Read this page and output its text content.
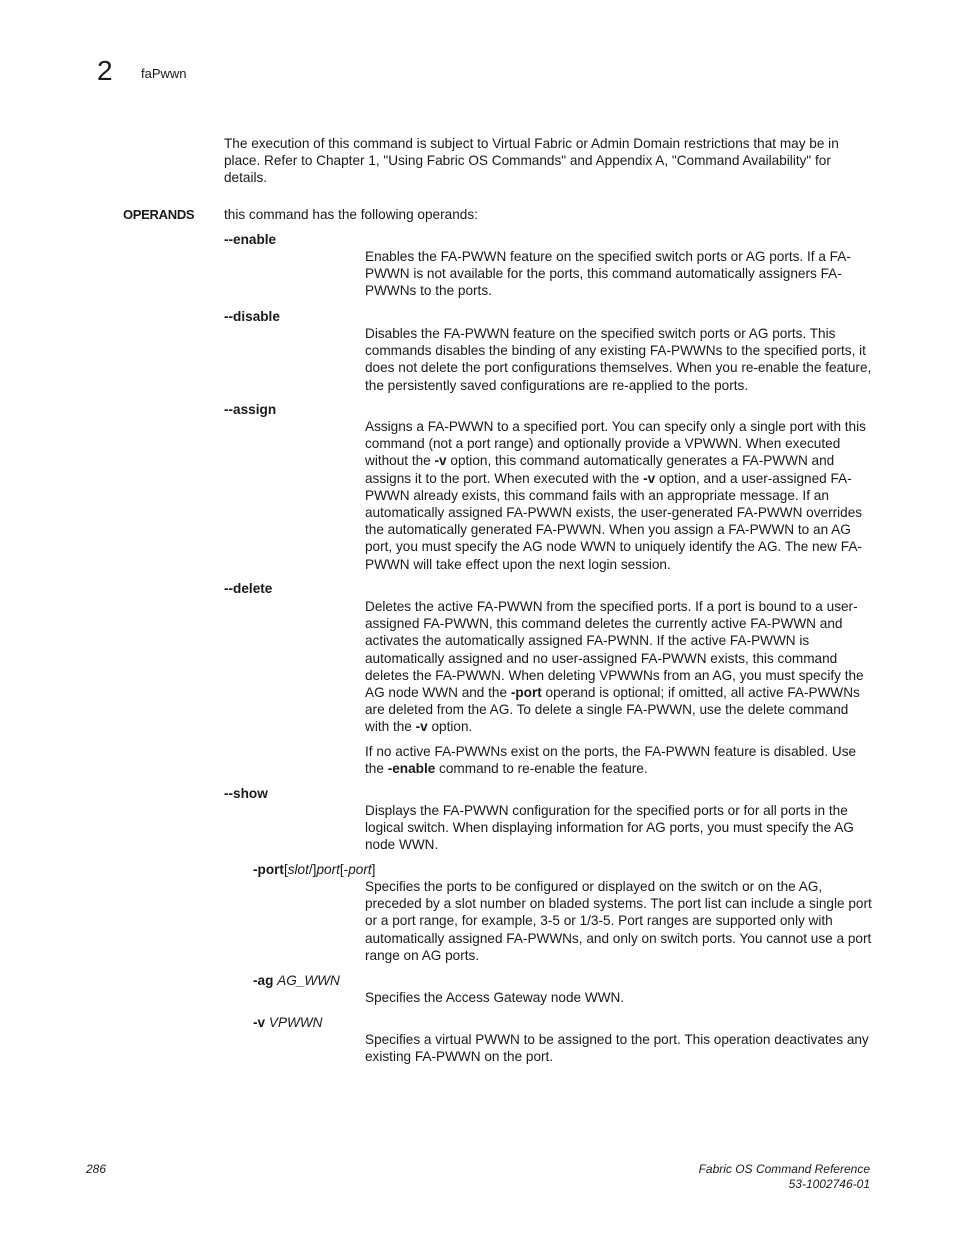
2 faPwwn
The execution of this command is subject to Virtual Fabric or Admin Domain restrictions that may be in place. Refer to Chapter 1, "Using Fabric OS Commands" and Appendix A, "Command Availability" for details.
OPERANDS this command has the following operands:
--enable
Enables the FA-PWWN feature on the specified switch ports or AG ports. If a FA-PWWN is not available for the ports, this command automatically assigners FA-PWWNs to the ports.
--disable
Disables the FA-PWWN feature on the specified switch ports or AG ports. This commands disables the binding of any existing FA-PWWNs to the specified ports, it does not delete the port configurations themselves. When you re-enable the feature, the persistently saved configurations are re-applied to the ports.
--assign
Assigns a FA-PWWN to a specified port. You can specify only a single port with this command (not a port range) and optionally provide a VPWWN. When executed without the -v option, this command automatically generates a FA-PWWN and assigns it to the port. When executed with the -v option, and a user-assigned FA-PWWN already exists, this command fails with an appropriate message. If an automatically assigned FA-PWWN exists, the user-generated FA-PWWN overrides the automatically generated FA-PWWN. When you assign a FA-PWWN to an AG port, you must specify the AG node WWN to uniquely identify the AG. The new FA-PWWN will take effect upon the next login session.
--delete
Deletes the active FA-PWWN from the specified ports. If a port is bound to a user-assigned FA-PWWN, this command deletes the currently active FA-PWWN and activates the automatically assigned FA-PWNN. If the active FA-PWWN is automatically assigned and no user-assigned FA-PWWN exists, this command deletes the FA-PWWN. When deleting VPWWNs from an AG, you must specify the AG node WWN and the -port operand is optional; if omitted, all active FA-PWWNs are deleted from the AG. To delete a single FA-PWWN, use the delete command with the -v option.
If no active FA-PWWNs exist on the ports, the FA-PWWN feature is disabled. Use the -enable command to re-enable the feature.
--show
Displays the FA-PWWN configuration for the specified ports or for all ports in the logical switch. When displaying information for AG ports, you must specify the AG node WWN.
-port[slot/]port[-port]
Specifies the ports to be configured or displayed on the switch or on the AG, preceded by a slot number on bladed systems. The port list can include a single port or a port range, for example, 3-5 or 1/3-5. Port ranges are supported only with automatically assigned FA-PWWNs, and only on switch ports. You cannot use a port range on AG ports.
-ag AG_WWN
Specifies the Access Gateway node WWN.
-v VPWWN
Specifies a virtual PWWN to be assigned to the port. This operation deactivates any existing FA-PWWN on the port.
286	Fabric OS Command Reference
53-1002746-01
